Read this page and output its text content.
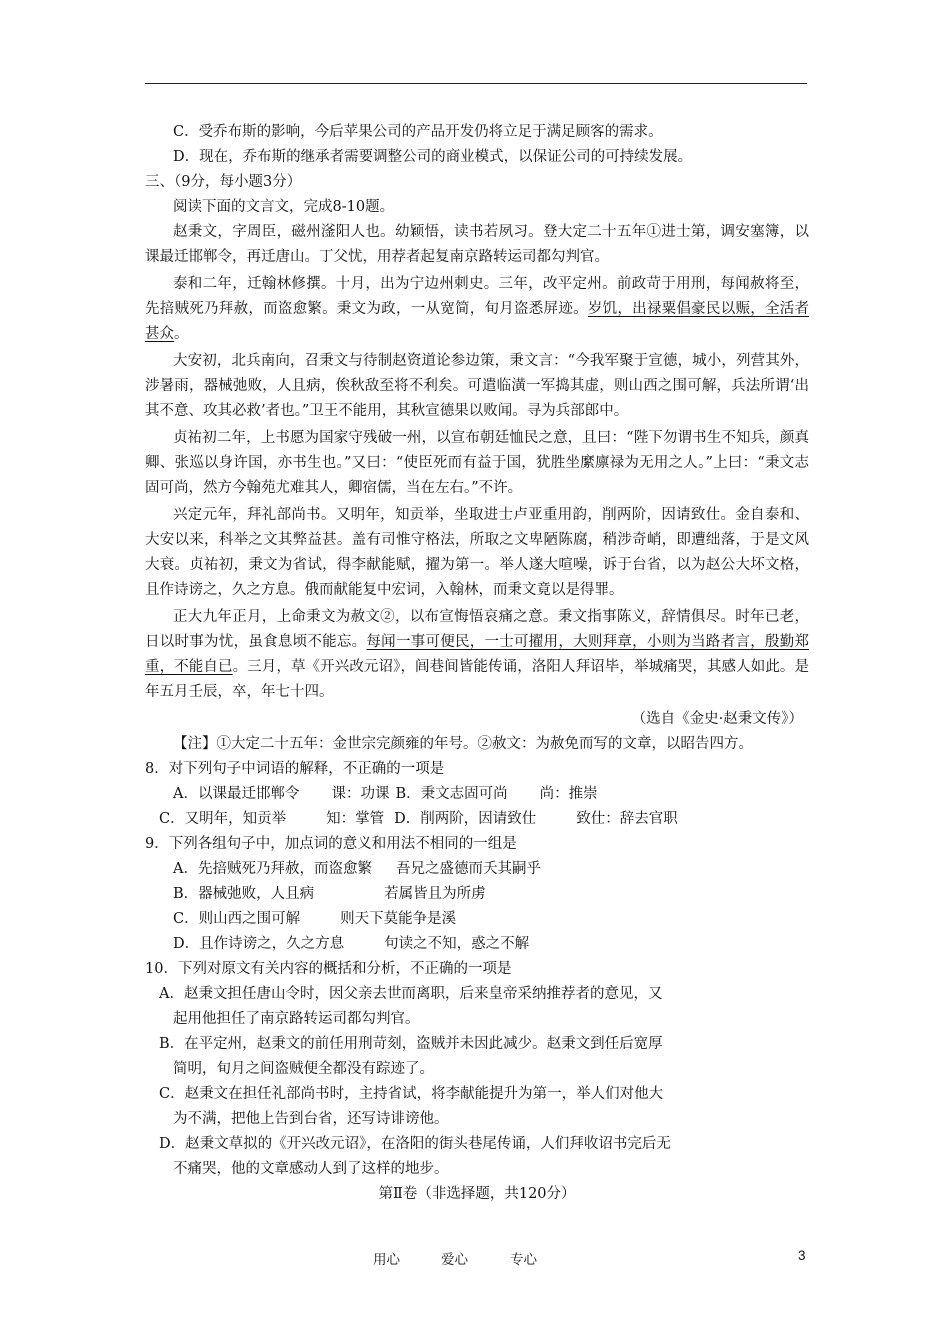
C．受乔布斯的影响，今后苹果公司的产品开发仍将立足于满足顾客的需求。
D．现在，乔布斯的继承者需要调整公司的商业模式，以保证公司的可持续发展。
三、（9分，每小题3分）
阅读下面的文言文，完成8-10题。

赵秉文，字周臣，磁州滏阳人也。幼颖悟，读书若夙习。登大定二十五年①进士第，调安塞簿，以课最迁邯郸令，再迁唐山。丁父忧，用荐者起复南京路转运司都勾判官。

泰和二年，迁翰林修撰。十月，出为宁边州刺史。三年，改平定州。前政苛于用刑，每闻赦将至，先掊贼死乃拜赦，而盗愈繁。秉文为政，一从宽简，旬月盗悉屏迹。岁饥，出禄粟倡豪民以赈，全活者甚众。

大安初，北兵南向，召秉文与待制赵资道论参边策，秉文言：“今我军聚于宣德，城小，列营其外，涉暑雨，器械弛败，人且病，俟秋敌至将不利矣。可遣临潢一军捣其虚，则山西之围可解，兵法所谓‘出其不意、攻其必救’者也。”卫王不能用，其秋宣德果以败闻。寻为兵部郎中。

贞祐初二年，上书愿为国家守残破一州，以宣布朝廷恤民之意，且曰：“陛下勿谓书生不知兵，颜真卿、张巡以身许国，亦书生也。”又曰：“使臣死而有益于国，犹胜坐縻廪禄为无用之人。”上曰：“秉文志固可尚，然方今翰苑尤难其人，卿宿儒，当在左右。”不许。

兴定元年，拜礼部尚书。又明年，知贡举，坐取进士卢亚重用韵，削两阶，因请致仕。金自泰和、大安以来，科举之文其弊益甚。盖有司惟守格法，所取之文卑陋陈腐，稍涉奇峭，即遭绌落，于是文风大衰。贞祐初，秉文为省试，得李献能赋，擢为第一。举人遂大喧噪，诉于台省，以为赵公大坏文格，且作诗谤之，久之方息。俄而献能复中宏词，入翰林，而秉文竟以是得罪。

正大九年正月，上命秉文为赦文②，以布宣悔悟哀痛之意。秉文指事陈义，辞情俱尽。时年已老，日以时事为忧，虽食息顷不能忘。每闻一事可便民，一士可擢用，大则拜章，小则为当路者言，殷勤郑重，不能自已。三月，草《开兴改元诏》，闾巷间皆能传诵，洛阳人拜诏毕，举城痛哭，其感人如此。是年五月壬辰，卒，年七十四。

（选自《金史·赵秉文传》）
【注】①大定二十五年：金世宗完颜雍的年号。②赦文：为赦免而写的文章，以昭告四方。
8．对下列句子中词语的解释，不正确的一项是
A．以课最迁邯郸令 课：功课 B．秉文志固可尚 尚：推崇
C．又明年，知贡举	知：掌管 D．削两阶，因请致仕	致仕：辞去官职
9．下列各组句子中，加点词的意义和用法不相同的一组是
A．先掊贼死乃拜赦，而盗愈繁 吾兄之盛德而夭其嗣乎
B．器械弛败，人且病	若属皆且为所虏
C．则山西之围可解	则天下莫能争是溪
D．且作诗谤之，久之方息	句读之不知，惑之不解
10．下列对原文有关内容的概括和分析，不正确的一项是
A．赵秉文担任唐山令时，因父亲去世而离职，后来皇帝采纳推荐者的意见，又
起用他担任了南京路转运司都勾判官。
B．在平定州，赵秉文的前任用刑苛刻，盗贼并未因此减少。赵秉文到任后宽厚
简明，旬月之间盗贼便全都没有踪迹了。
C．赵秉文在担任礼部尚书时，主持省试，将李献能提升为第一，举人们对他大
为不满，把他上告到台省，还写诗诽谤他。
D．赵秉文草拟的《开兴改元诏》，在洛阳的街头巷尾传诵，人们拜收诏书完后无
不痛哭，他的文章感动人到了这样的地步。
第Ⅱ卷（非选择题，共120分）
用心	爱心	专心	3
